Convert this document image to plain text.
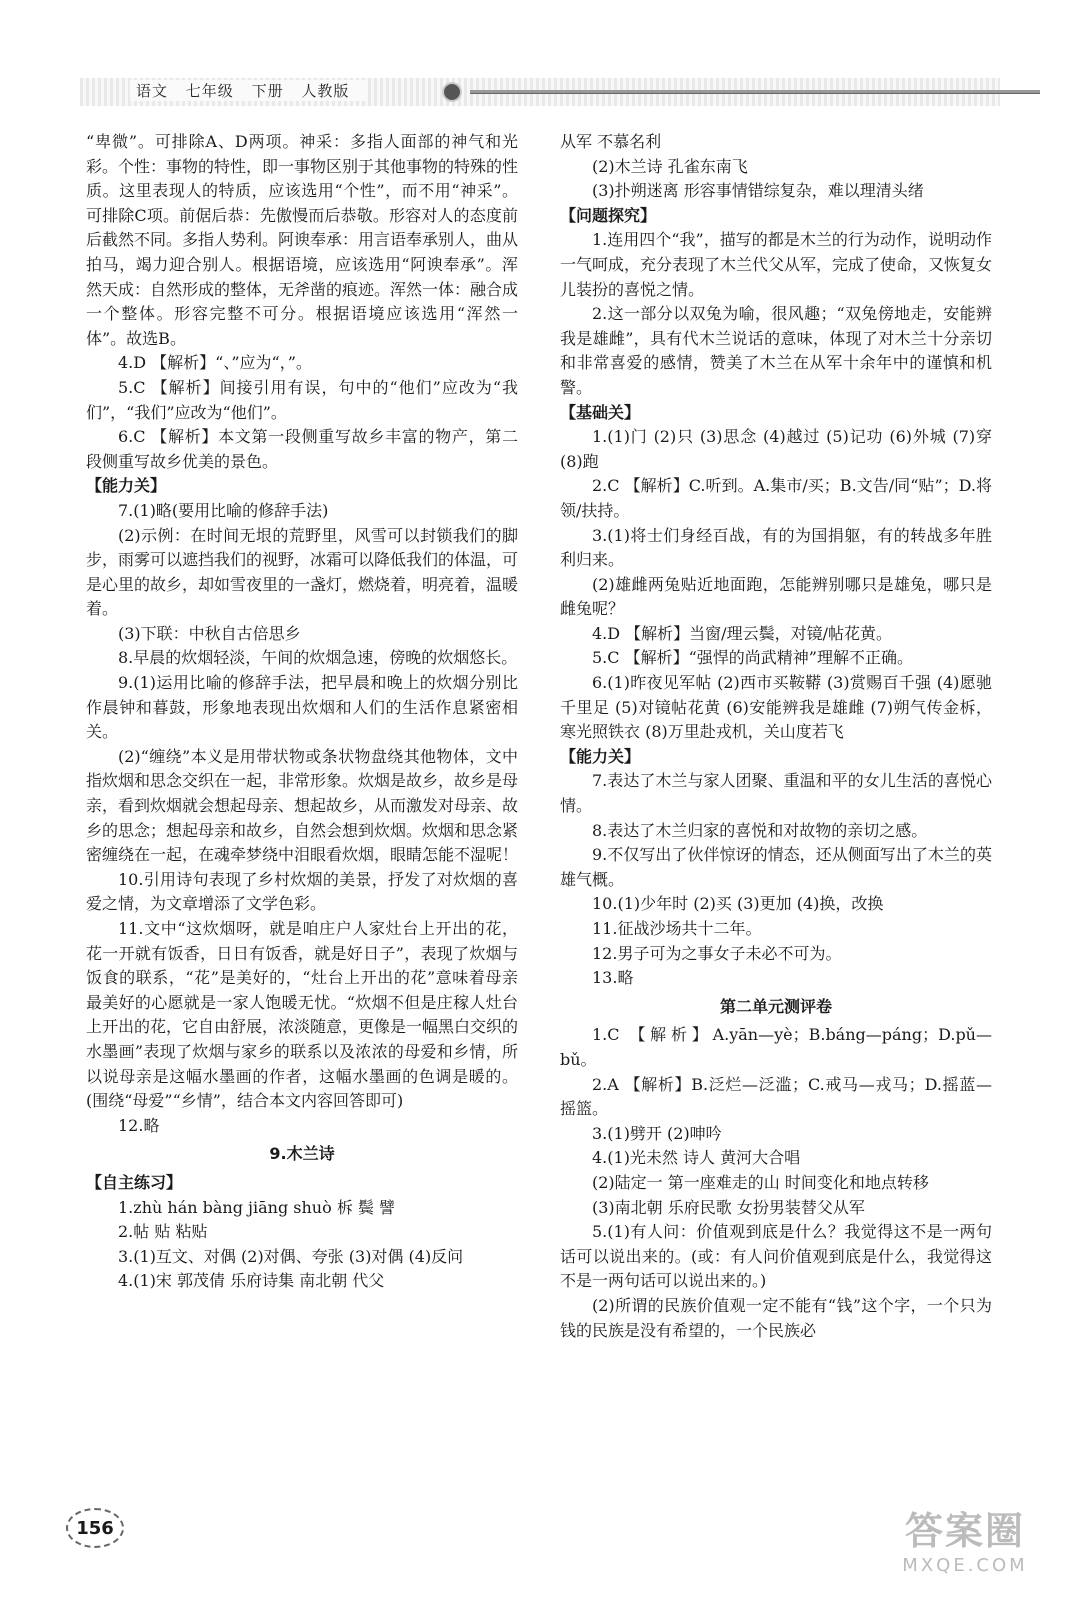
语文 七年级 下册 人教版

“卑微”。可排除A、D两项。神采：多指人面部的神气和光彩。个性：事物的特性，即一事物区别于其他事物的特殊的性质。这里表现人的特质，应该选用“个性”，而不用“神采”。可排除C项。前倨后恭：先傲慢而后恭敬。形容对人的态度前后截然不同。多指人势利。阿谀奉承：用言语奉承别人，曲从拍马，竭力迎合别人。根据语境，应该选用“阿谀奉承”。浑然天成：自然形成的整体，无斧凿的痕迹。浑然一体：融合成一个整体。形容完整不可分。根据语境应该选用“浑然一体”。故选B。

4.D 【解析】“、”应为“，”。

5.C 【解析】间接引用有误，句中的“他们”应改为“我们”，“我们”应改为“他们”。

6.C 【解析】本文第一段侧重写故乡丰富的物产，第二段侧重写故乡优美的景色。

【能力关】

7.(1)略(要用比喻的修辞手法)

(2)示例：在时间无垠的荒野里，风雪可以封锁我们的脚步，雨雾可以遮挡我们的视野，冰霜可以降低我们的体温，可是心里的故乡，却如雪夜里的一盏灯，燃烧着，明亮着，温暖着。

(3)下联：中秋自古倍思乡

8.早晨的炊烟轻淡，午间的炊烟急速，傍晚的炊烟悠长。

9.(1)运用比喻的修辞手法，把早晨和晚上的炊烟分别比作晨钟和暮鼓，形象地表现出炊烟和人们的生活作息紧密相关。

(2)“缠绕”本义是用带状物或条状物盘绕其他物体，文中指炊烟和思念交织在一起，非常形象。炊烟是故乡，故乡是母亲，看到炊烟就会想起母亲、想起故乡，从而激发对母亲、故乡的思念；想起母亲和故乡，自然会想到炊烟。炊烟和思念紧密缠绕在一起，在魂牵梦绕中泪眼看炊烟，眼睛怎能不湿呢！

10.引用诗句表现了乡村炊烟的美景，抒发了对炊烟的喜爱之情，为文章增添了文学色彩。

11.文中“这炊烟呀，就是咱庄户人家灶台上开出的花，花一开就有饭香，日日有饭香，就是好日子”，表现了炊烟与饭食的联系，“花”是美好的，“灶台上开出的花”意味着母亲最美好的心愿就是一家人饱暖无忧。“炊烟不但是庄稼人灶台上开出的花，它自由舒展，浓淡随意，更像是一幅黑白交织的水墨画”表现了炊烟与家乡的联系以及浓浓的母爱和乡情，所以说母亲是这幅水墨画的作者，这幅水墨画的色调是暖的。(围绕“母爱”“乡情”，结合本文内容回答即可)

12.略

9.木兰诗

【自主练习】

1.zhù hán bàng jiāng shuò 柝 鬓 譬

2.帖 贴 粘贴

3.(1)互文、对偶 (2)对偶、夸张 (3)对偶 (4)反问

4.(1)宋 郭茂倩 乐府诗集 南北朝 代父

从军 不慕名利

(2)木兰诗 孔雀东南飞

(3)扑朔迷离 形容事情错综复杂，难以理清头绪

【问题探究】

1.连用四个“我”，描写的都是木兰的行为动作，说明动作一气呵成，充分表现了木兰代父从军，完成了使命，又恢复女儿装扮的喜悦之情。

2.这一部分以双兔为喻，很风趣；“双兔傍地走，安能辨我是雄雌”，具有代木兰说话的意味，体现了对木兰十分亲切和非常喜爱的感情，赞美了木兰在从军十余年中的谨慎和机警。

【基础关】

1.(1)门 (2)只 (3)思念 (4)越过 (5)记功 (6)外城 (7)穿 (8)跑

2.C 【解析】C.听到。A.集市/买；B.文告/同“贴”；D.将领/扶持。

3.(1)将士们身经百战，有的为国捐躯，有的转战多年胜利归来。

(2)雄雌两兔贴近地面跑，怎能辨别哪只是雄兔，哪只是雌兔呢？

4.D 【解析】当窗/理云鬓，对镜/帖花黄。

5.C 【解析】“强悍的尚武精神”理解不正确。

6.(1)昨夜见军帖 (2)西市买鞍鞯 (3)赏赐百千强 (4)愿驰千里足 (5)对镜帖花黄 (6)安能辨我是雄雌 (7)朔气传金柝，寒光照铁衣 (8)万里赴戎机，关山度若飞

【能力关】

7.表达了木兰与家人团聚、重温和平的女儿生活的喜悦心情。

8.表达了木兰归家的喜悦和对故物的亲切之感。

9.不仅写出了伙伴惊讶的情态，还从侧面写出了木兰的英雄气概。

10.(1)少年时 (2)买 (3)更加 (4)换，改换

11.征战沙场共十二年。

12.男子可为之事女子未必不可为。

13.略

第二单元测评卷

1.C 【解析】A.yān—yè；B.báng—páng；D.pǔ—bǔ。

2.A 【解析】B.泛烂—泛滥；C.戒马—戎马；D.摇蓝—摇篮。

3.(1)劈开 (2)呻吟

4.(1)光未然 诗人 黄河大合唱

(2)陆定一 第一座难走的山 时间变化和地点转移

(3)南北朝 乐府民歌 女扮男装替父从军

5.(1)有人问：价值观到底是什么？我觉得这不是一两句话可以说出来的。(或：有人问价值观到底是什么，我觉得这不是一两句话可以说出来的。)

(2)所谓的民族价值观一定不能有“钱”这个字，一个只为钱的民族是没有希望的，一个民族必

156	答案圈
MXQE.COM
